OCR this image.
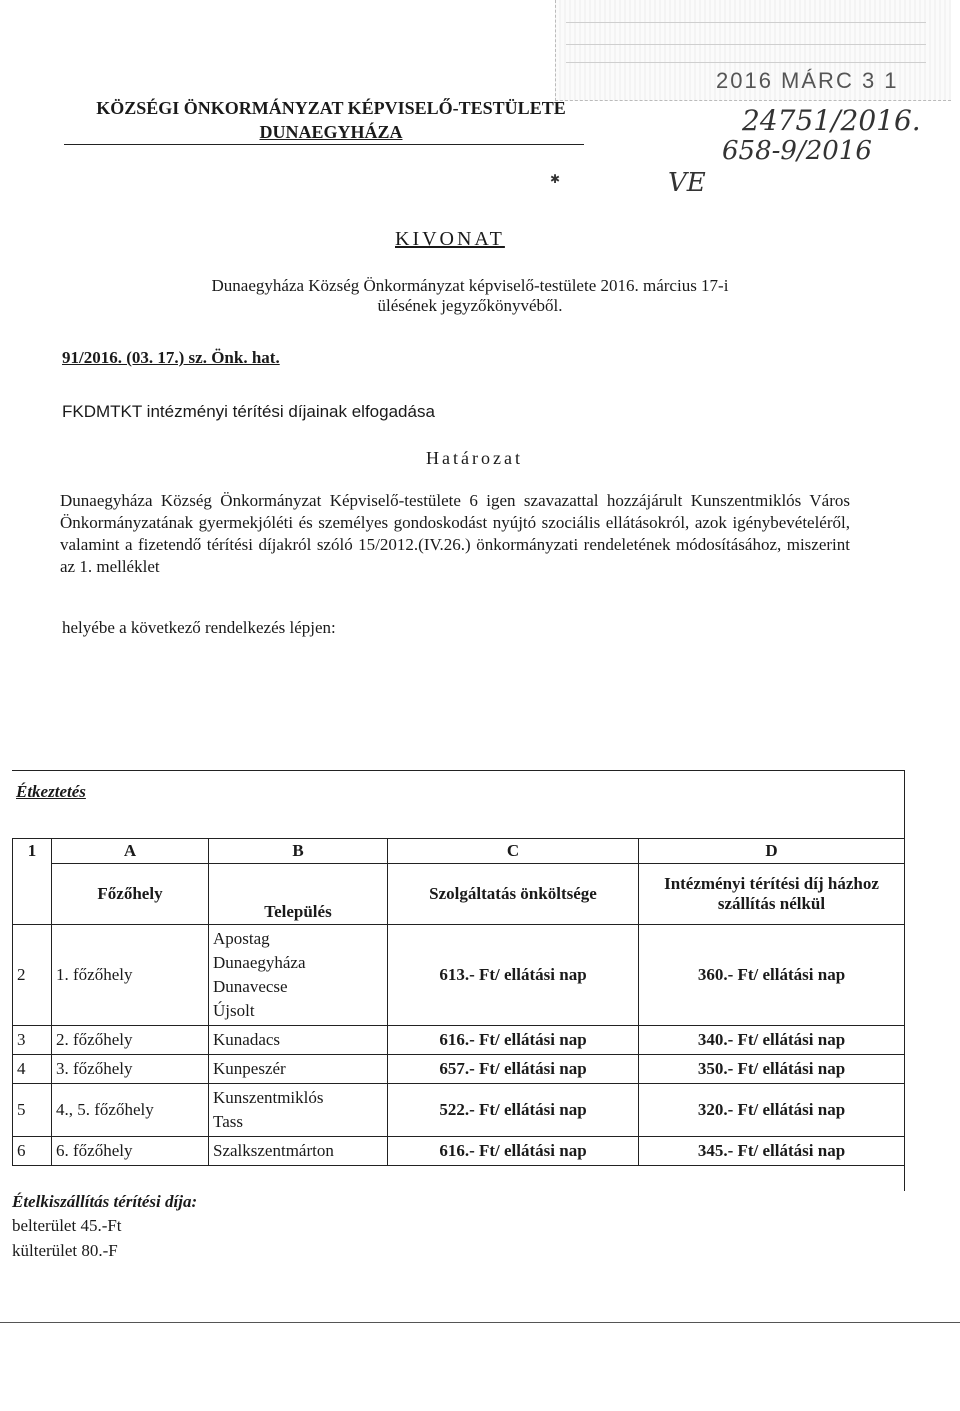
2016 MÁRC 3 1
24751/2016.
658-9/2016
VE
✱
KÖZSÉGI ÖNKORMÁNYZAT KÉPVISELŐ-TESTÜLETE
DUNAEGYHÁZA
KIVONAT
Dunaegyháza Község Önkormányzat képviselő-testülete 2016. március 17-i
ülésének jegyzőkönyvéből.
91/2016. (03. 17.) sz. Önk. hat.
FKDMTKT intézményi térítési díjainak elfogadása
Határozat
Dunaegyháza Község Önkormányzat Képviselő-testülete 6 igen szavazattal hozzájárult Kunszentmiklós Város Önkormányzatának gyermekjóléti és személyes gondoskodást nyújtó szociális ellátásokról, azok igénybevételéről, valamint a fizetendő térítési díjakról szóló 15/2012.(IV.26.) önkormányzati rendeletének módosításához, miszerint az 1. melléklet
helyébe a következő rendelkezés lépjen:
Étkeztetés
1	A	B	C	D
	Főzőhely	Település	Szolgáltatás önköltsége	Intézményi térítési díj házhoz szállítás nélkül
2	1. főzőhely	Apostag
Dunaegyháza
Dunavecse
Újsolt	613.- Ft/ ellátási nap	360.- Ft/ ellátási nap
3	2. főzőhely	Kunadacs	616.- Ft/ ellátási nap	340.- Ft/ ellátási nap
4	3. főzőhely	Kunpeszér	657.- Ft/ ellátási nap	350.- Ft/ ellátási nap
5	4., 5. főzőhely	Kunszentmiklós
Tass	522.- Ft/ ellátási nap	320.- Ft/ ellátási nap
6	6. főzőhely	Szalkszentmárton	616.- Ft/ ellátási nap	345.- Ft/ ellátási nap
Ételkiszállítás térítési díja:
belterület 45.-Ft
külterület 80.-F
